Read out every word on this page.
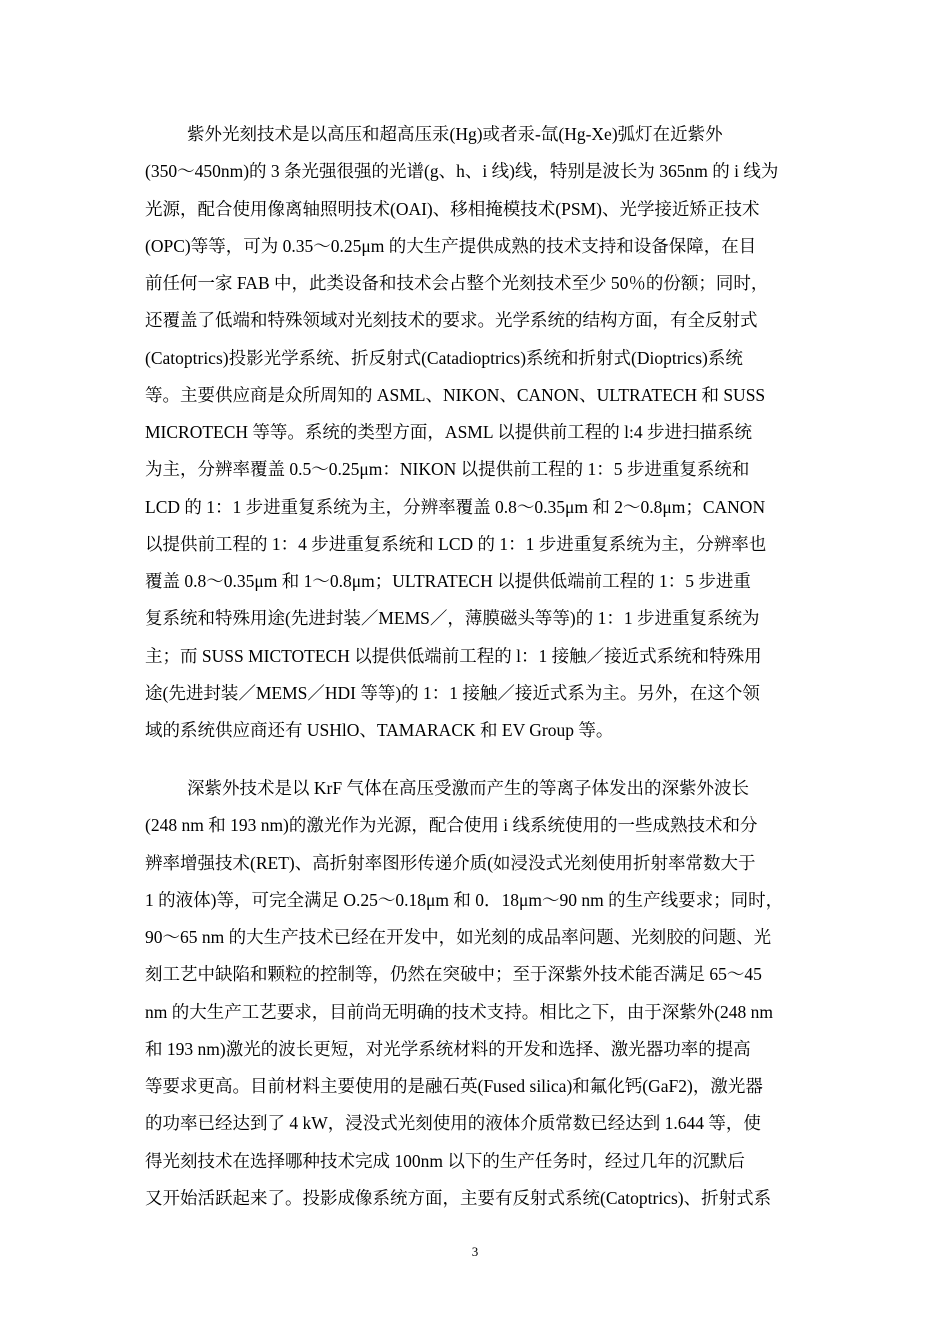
紫外光刻技术是以高压和超高压汞(Hg)或者汞-氙(Hg-Xe)弧灯在近紫外
(350～450nm)的 3 条光强很强的光谱(g、h、i 线)线，特别是波长为 365nm 的 i 线为
光源，配合使用像离轴照明技术(OAI)、移相掩模技术(PSM)、光学接近矫正技术
(OPC)等等，可为 0.35～0.25μm 的大生产提供成熟的技术支持和设备保障，在目
前任何一家 FAB 中，此类设备和技术会占整个光刻技术至少 50％的份额；同时，
还覆盖了低端和特殊领域对光刻技术的要求。光学系统的结构方面，有全反射式
(Catoptrics)投影光学系统、折反射式(Catadioptrics)系统和折射式(Dioptrics)系统
等。主要供应商是众所周知的 ASML、NIKON、CANON、ULTRATECH 和 SUSS
MICROTECH 等等。系统的类型方面，ASML 以提供前工程的 l:4 步进扫描系统
为主，分辨率覆盖 0.5～0.25μm：NIKON 以提供前工程的 1：5 步进重复系统和
LCD 的 1：1 步进重复系统为主，分辨率覆盖 0.8～0.35μm 和 2～0.8μm；CANON
以提供前工程的 1：4 步进重复系统和 LCD 的 1：1 步进重复系统为主，分辨率也
覆盖 0.8～0.35μm 和 1～0.8μm；ULTRATECH 以提供低端前工程的 1：5 步进重
复系统和特殊用途(先进封装／MEMS／，薄膜磁头等等)的 1：1 步进重复系统为
主；而 SUSS MICTOTECH 以提供低端前工程的 l：1 接触／接近式系统和特殊用
途(先进封装／MEMS／HDI 等等)的 1：1 接触／接近式系为主。另外，在这个领
域的系统供应商还有 USHlO、TAMARACK 和 EV Group 等。
深紫外技术是以 KrF 气体在高压受激而产生的等离子体发出的深紫外波长
(248 nm 和 193 nm)的激光作为光源，配合使用 i 线系统使用的一些成熟技术和分
辨率增强技术(RET)、高折射率图形传递介质(如浸没式光刻使用折射率常数大于
1 的液体)等，可完全满足 O.25～0.18μm 和 0．18μm～90 nm 的生产线要求；同时，
90～65 nm 的大生产技术已经在开发中，如光刻的成品率问题、光刻胶的问题、光
刻工艺中缺陷和颗粒的控制等，仍然在突破中；至于深紫外技术能否满足 65～45
nm 的大生产工艺要求，目前尚无明确的技术支持。相比之下，由于深紫外(248 nm
和 193 nm)激光的波长更短，对光学系统材料的开发和选择、激光器功率的提高
等要求更高。目前材料主要使用的是融石英(Fused silica)和氟化钙(GaF2)，激光器
的功率已经达到了 4 kW，浸没式光刻使用的液体介质常数已经达到 1.644 等，使
得光刻技术在选择哪种技术完成 100nm 以下的生产任务时，经过几年的沉默后
又开始活跃起来了。投影成像系统方面，主要有反射式系统(Catoptrics)、折射式系
3
